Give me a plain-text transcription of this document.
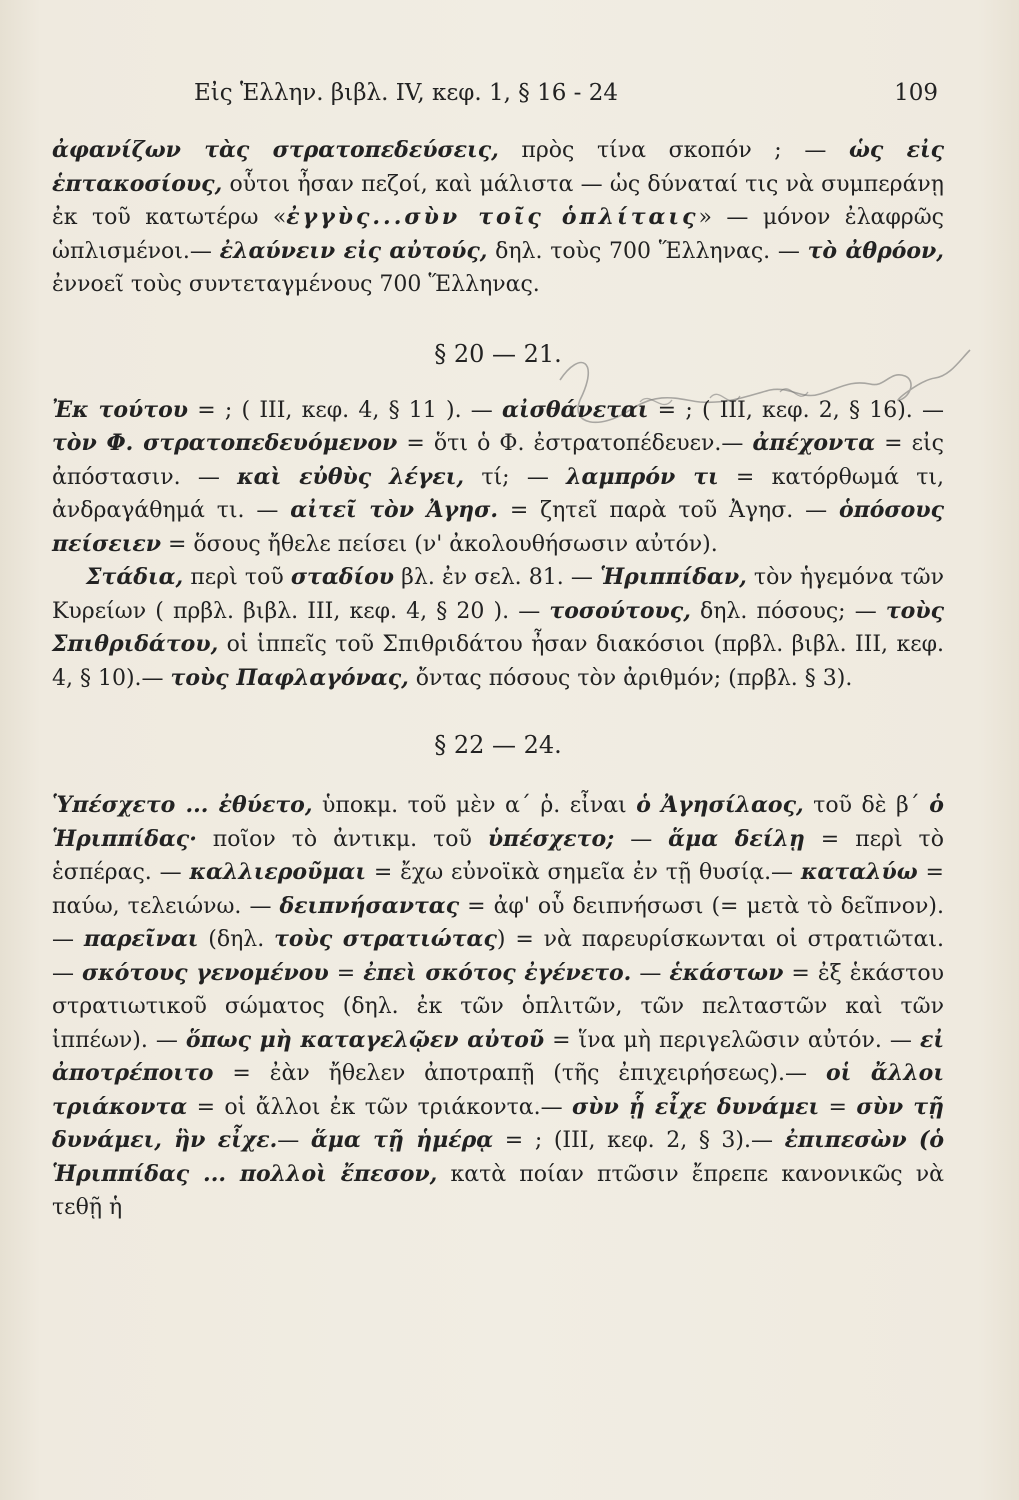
Εἰς Ἑλλην. βιβλ. IV, κεφ. 1, § 16 - 24	109

ἀφανίζων τὰς στρατοπεδεύσεις, πρὸς τίνα σκοπόν ; — ὡς εἰς ἑπτακοσίους, οὗτοι ἦσαν πεζοί, καὶ μάλιστα — ὡς δύναταί τις νὰ συμπεράνῃ ἐκ τοῦ κατωτέρω «ἐγγὺς...σὺν τοῖς ὁπλίταις» — μόνον ἐλαφρῶς ὡπλισμένοι.— ἐλαύνειν εἰς αὐτούς, δηλ. τοὺς 700 Ἕλληνας. — τὸ ἀθρόον, ἐννοεῖ τοὺς συντεταγμένους 700 Ἕλληνας.

§ 20 — 21.

Ἐκ τούτου = ; ( III, κεφ. 4, § 11 ). — αἰσθάνεται = ; ( III, κεφ. 2, § 16). — τὸν Φ. στρατοπεδευόμενον = ὅτι ὁ Φ. ἐστρατοπέδευεν.— ἀπέχοντα = εἰς ἀπόστασιν. — καὶ εὐθὺς λέγει, τί; — λαμπρόν τι = κατόρθωμά τι, ἀνδραγάθημά τι. — αἰτεῖ τὸν Ἀγησ. = ζητεῖ παρὰ τοῦ Ἀγησ. — ὁπόσους πείσειεν = ὅσους ἤθελε πείσει (ν' ἀκολουθήσωσιν αὐτόν).

Στάδια, περὶ τοῦ σταδίου βλ. ἐν σελ. 81. — Ἡριππίδαν, τὸν ἡγεμόνα τῶν Κυρείων ( πρβλ. βιβλ. III, κεφ. 4, § 20 ). — τοσούτους, δηλ. πόσους; — τοὺς Σπιθριδάτου, οἱ ἱππεῖς τοῦ Σπιθριδάτου ἦσαν διακόσιοι (πρβλ. βιβλ. III, κεφ. 4, § 10).— τοὺς Παφλαγόνας, ὄντας πόσους τὸν ἀριθμόν; (πρβλ. § 3).

§ 22 — 24.

Ὑπέσχετο ... ἐθύετο, ὑποκμ. τοῦ μὲν α΄ ῥ. εἶναι ὁ Ἀγησίλαος, τοῦ δὲ β΄ ὁ Ἡριππίδας· ποῖον τὸ ἀντικμ. τοῦ ὑπέσχετο; — ἅμα δείλῃ = περὶ τὸ ἑσπέρας. — καλλιεροῦμαι = ἔχω εὐνοϊκὰ σημεῖα ἐν τῇ θυσίᾳ.— καταλύω = παύω, τελειώνω. — δειπνήσαντας = ἀφ' οὗ δειπνήσωσι (= μετὰ τὸ δεῖπνον). — παρεῖναι (δηλ. τοὺς στρατιώτας) = νὰ παρευρίσκωνται οἱ στρατιῶται. — σκότους γενομένου = ἐπεὶ σκότος ἐγένετο. — ἑκάστων = ἐξ ἑκάστου στρατιωτικοῦ σώματος (δηλ. ἐκ τῶν ὁπλιτῶν, τῶν πελταστῶν καὶ τῶν ἱππέων). — ὅπως μὴ καταγελῷεν αὐτοῦ = ἵνα μὴ περιγελῶσιν αὐτόν. — εἰ ἀποτρέποιτο = ἐὰν ἤθελεν ἀποτραπῇ (τῆς ἐπιχειρήσεως).— οἱ ἄλλοι τριάκοντα = οἱ ἄλλοι ἐκ τῶν τριάκοντα.— σὺν ᾗ εἶχε δυνάμει = σὺν τῇ δυνάμει, ἣν εἶχε.— ἅμα τῇ ἡμέρᾳ = ; (III, κεφ. 2, § 3).— ἐπιπεσὼν (ὁ Ἡριππίδας ... πολλοὶ ἔπεσον, κατὰ ποίαν πτῶσιν ἔπρεπε κανονικῶς νὰ τεθῇ ἡ
